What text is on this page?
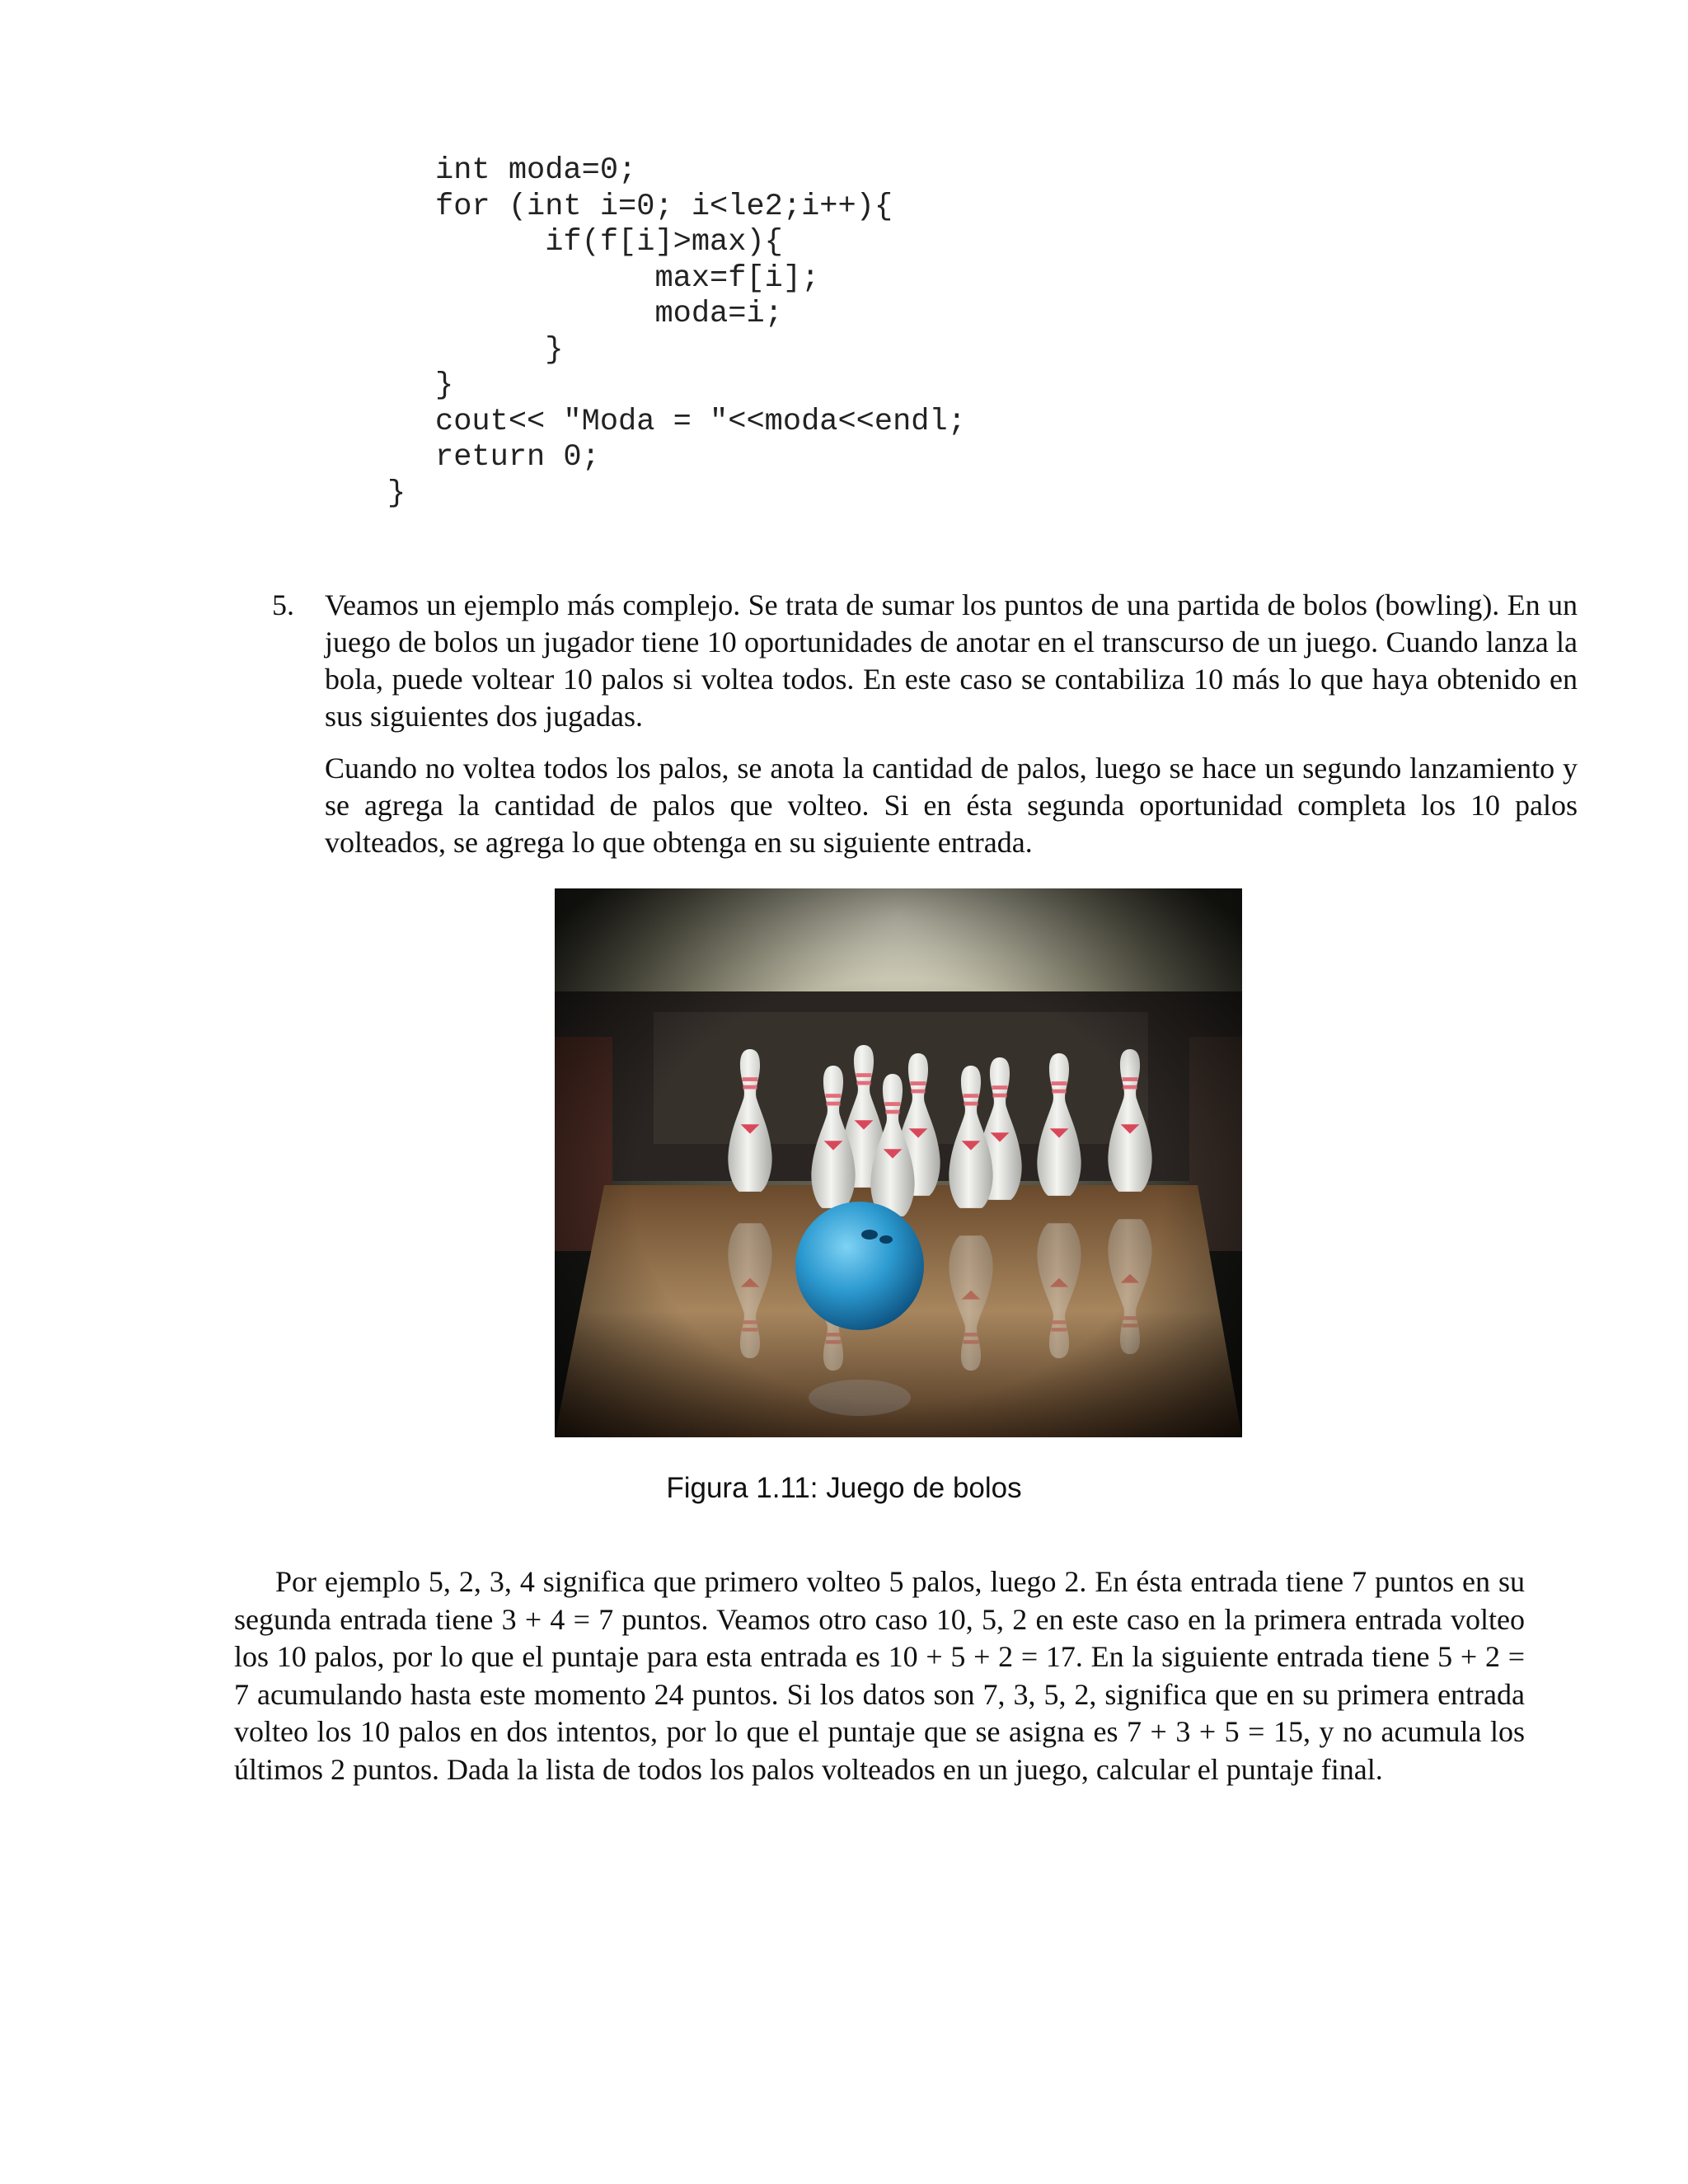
int moda=0;
for (int i=0; i<le2;i++){
if(f[i]>max){
max=f[i];
moda=i;
}
}
cout<< "Moda = "<<moda<<endl;
return 0;
}
5. Veamos un ejemplo más complejo. Se trata de sumar los puntos de una partida de bolos (bowling). En un juego de bolos un jugador tiene 10 oportunidades de anotar en el transcurso de un juego. Cuando lanza la bola, puede voltear 10 palos si voltea todos. En este caso se contabiliza 10 más lo que haya obtenido en sus siguientes dos jugadas.

Cuando no voltea todos los palos, se anota la cantidad de palos, luego se hace un segundo lanzamiento y se agrega la cantidad de palos que volteo. Si en ésta segunda oportunidad completa los 10 palos volteados, se agrega lo que obtenga en su siguiente entrada.

Figura 1.11: Juego de bolos

Por ejemplo 5, 2, 3, 4 significa que primero volteo 5 palos, luego 2. En ésta entrada tiene 7 puntos en su segunda entrada tiene 3 + 4 = 7 puntos. Veamos otro caso 10, 5, 2 en este caso en la primera entrada volteo los 10 palos, por lo que el puntaje para esta entrada es 10 + 5 + 2 = 17. En la siguiente entrada tiene 5 + 2 = 7 acumulando hasta este momento 24 puntos. Si los datos son 7, 3, 5, 2, significa que en su primera entrada volteo los 10 palos en dos intentos, por lo que el puntaje que se asigna es 7 + 3 + 5 = 15, y no acumula los últimos 2 puntos. Dada la lista de todos los palos volteados en un juego, calcular el puntaje final.
